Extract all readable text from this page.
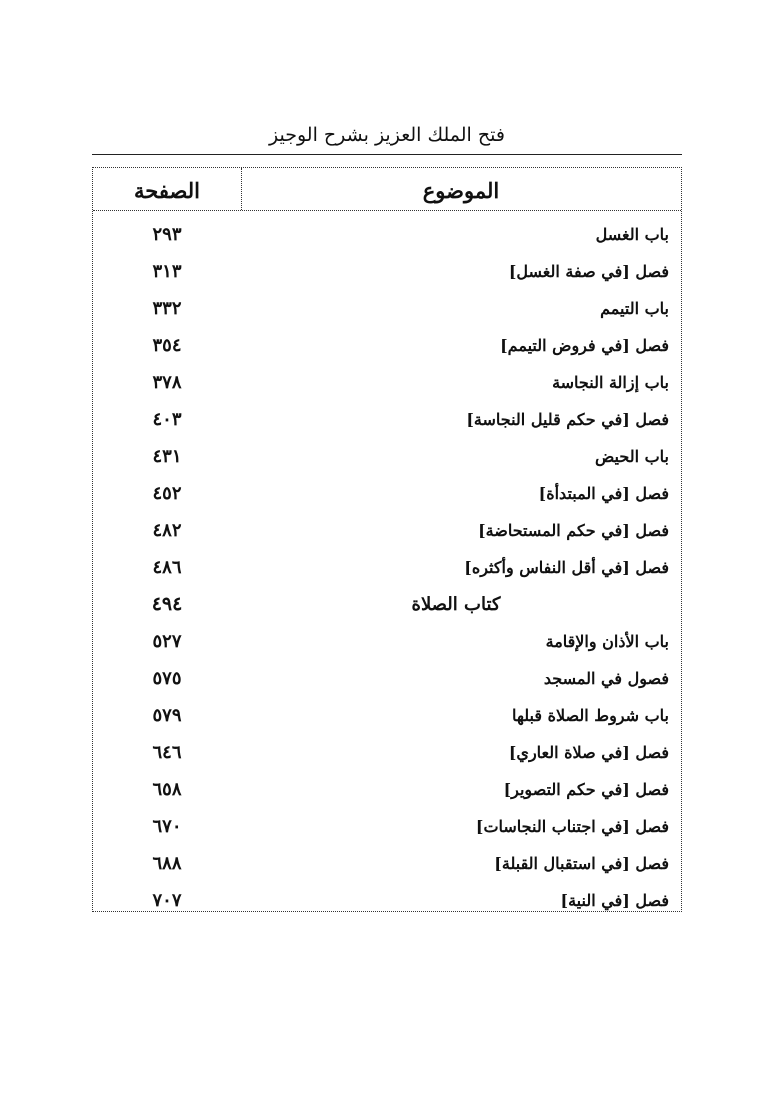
فتح الملك العزيز بشرح الوجيز
الموضوع
الصفحة
باب الغسل
٢٩٣
فصل [في صفة الغسل]
٣١٣
باب التيمم
٣٣٢
فصل [في فروض التيمم]
٣٥٤
باب إزالة النجاسة
٣٧٨
فصل [في حكم قليل النجاسة]
٤٠٣
باب الحيض
٤٣١
فصل [في المبتدأة]
٤٥٢
فصل [في حكم المستحاضة]
٤٨٢
فصل [في أقل النفاس وأكثره]
٤٨٦
كتاب الصلاة
٤٩٤
باب الأذان والإقامة
٥٢٧
فصول في المسجد
٥٧٥
باب شروط الصلاة قبلها
٥٧٩
فصل [في صلاة العاري]
٦٤٦
فصل [في حكم التصوير]
٦٥٨
فصل [في اجتناب النجاسات]
٦٧٠
فصل [في استقبال القبلة]
٦٨٨
فصل [في النية]
٧٠٧
